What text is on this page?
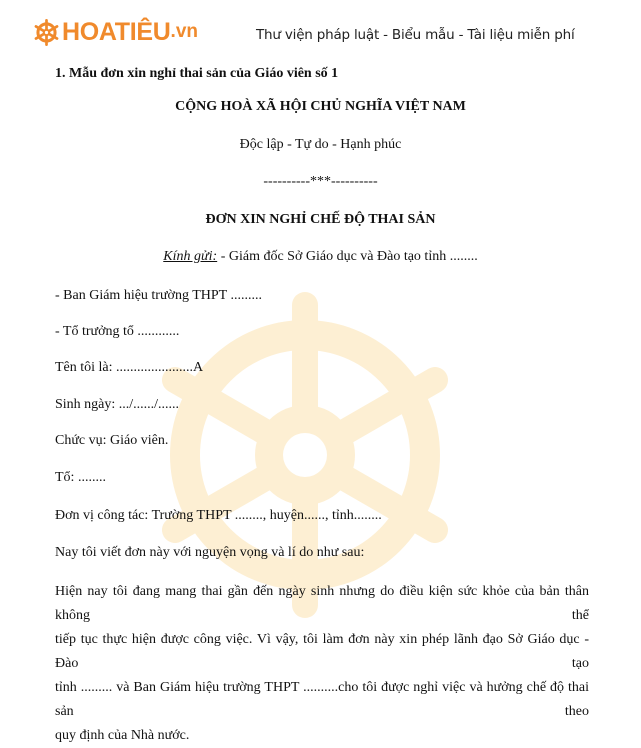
HOATIÊU .vn	Thư viện pháp luật - Biểu mẫu - Tài liệu miễn phí
1. Mẫu đơn xin nghỉ thai sản của Giáo viên số 1
CỘNG HOÀ XÃ HỘI CHỦ NGHĨA VIỆT NAM
Độc lập - Tự do - Hạnh phúc
----------***----------
ĐƠN XIN NGHỈ CHẾ ĐỘ THAI SẢN
Kính gửi: - Giám đốc Sở Giáo dục và Đào tạo tỉnh ........
- Ban Giám hiệu trường THPT .........
- Tổ trưởng tổ ............
Tên tôi là: ......................A
Sinh ngày: .../....../......
Chức vụ: Giáo viên.
Tổ: ........
Đơn vị công tác: Trường THPT ........, huyện......, tỉnh........
Nay tôi viết đơn này với nguyện vọng và lí do như sau:
Hiện nay tôi đang mang thai gần đến ngày sinh nhưng do điều kiện sức khỏe của bản thân không thể
tiếp tục thực hiện được công việc. Vì vậy, tôi làm đơn này xin phép lãnh đạo Sở Giáo dục - Đào tạo
tỉnh ......... và Ban Giám hiệu trường THPT ..........cho tôi được nghỉ việc và hưởng chế độ thai sản theo
quy định của Nhà nước.
